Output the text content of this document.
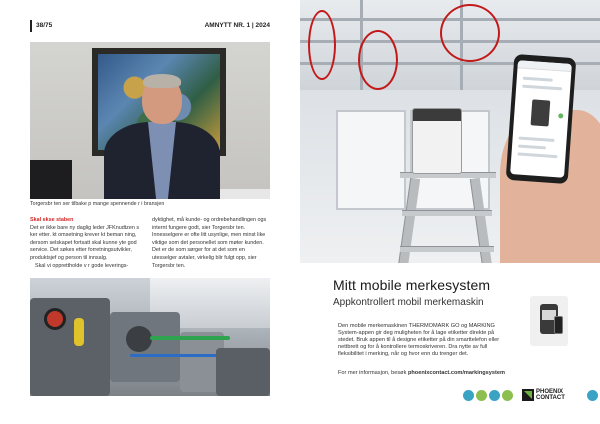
38/75
Torgersbr ten ser tilbake p mange spennende r i bransjen
Skal ekse staben

Det er ikke bare ny daglig leder JFKnudtzen s ker etter. kt omsetning krever kt beman ning, dersom selskapet fortsatt skal kunne yte god service. Det søkes etter forretningsutvikler, produktsjef og person til innsalg.

Skal vi opprettholde v r gode leverings-

dyktighet, må kunde- og ordrebehandlingen ogs internt fungere godt, sier Torgersbr ten. Innesselgere er ofte litt usynlige, men minst like viktige som det personellet som møter kunden. Det er de som sørger for at det som en utesselger avtaler, virkelig blir fulgt opp, sier Torgersbr ten.

Mitt mobile merkesystem
Appkontrollert mobil merkemaskin
Den mobile merkemaskinen THERMOMARK GO og MARKING System-appen gir deg muligheten for å lage etiketter direkte på stedet. Bruk appen til å designe etiketter på din smarttelefon eller nettbrett og for å kontrollere termoskriveren. Dra nytte av full fleksibilitet i merking, når og hvor enn du trenger det.
For mer informasjon, besøk phoenixcontact.com/markingsystem
PHOENIX
CONTACT
AMNYTT NR. 1 | 2024
